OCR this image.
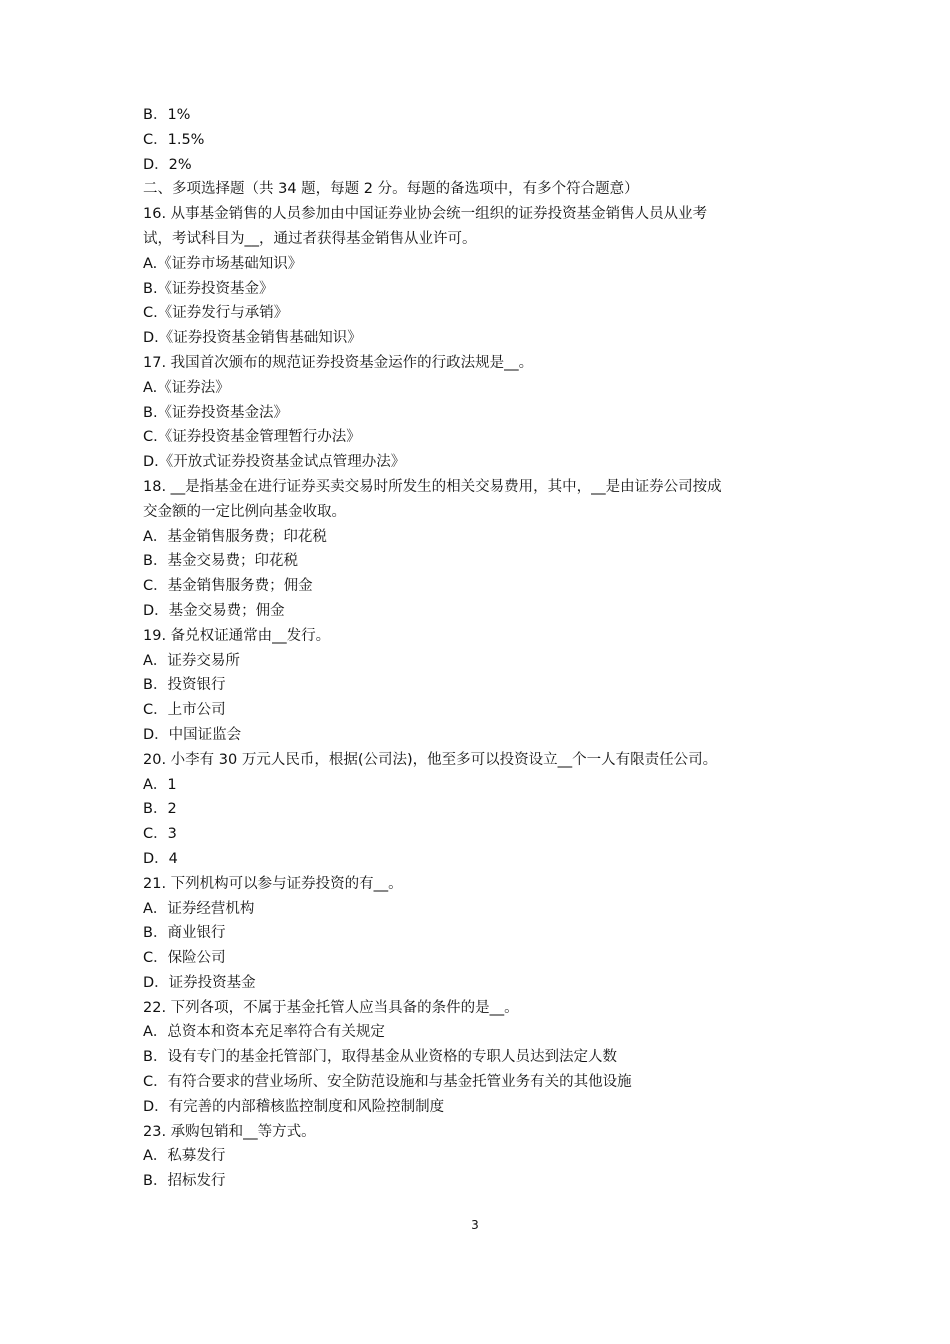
B．1%
C．1.5%
D．2%
二、多项选择题（共 34 题，每题 2 分。每题的备选项中，有多个符合题意）
16. 从事基金销售的人员参加由中国证券业协会统一组织的证券投资基金销售人员从业考
试，考试科目为__，通过者获得基金销售从业许可。
A.《证券市场基础知识》
B.《证券投资基金》
C.《证券发行与承销》
D.《证券投资基金销售基础知识》
17. 我国首次颁布的规范证券投资基金运作的行政法规是__。
A.《证券法》
B.《证券投资基金法》
C.《证券投资基金管理暂行办法》
D.《开放式证券投资基金试点管理办法》
18. __是指基金在进行证券买卖交易时所发生的相关交易费用，其中，__是由证券公司按成
交金额的一定比例向基金收取。
A．基金销售服务费；印花税
B．基金交易费；印花税
C．基金销售服务费；佣金
D．基金交易费；佣金
19. 备兑权证通常由__发行。
A．证券交易所
B．投资银行
C．上市公司
D．中国证监会
20. 小李有 30 万元人民币，根据(公司法)，他至多可以投资设立__个一人有限责任公司。
A．1
B．2
C．3
D．4
21. 下列机构可以参与证券投资的有__。
A．证券经营机构
B．商业银行
C．保险公司
D．证券投资基金
22. 下列各项，不属于基金托管人应当具备的条件的是__。
A．总资本和资本充足率符合有关规定
B．设有专门的基金托管部门，取得基金从业资格的专职人员达到法定人数
C．有符合要求的营业场所、安全防范设施和与基金托管业务有关的其他设施
D．有完善的内部稽核监控制度和风险控制制度
23. 承购包销和__等方式。
A．私募发行
B．招标发行
3
